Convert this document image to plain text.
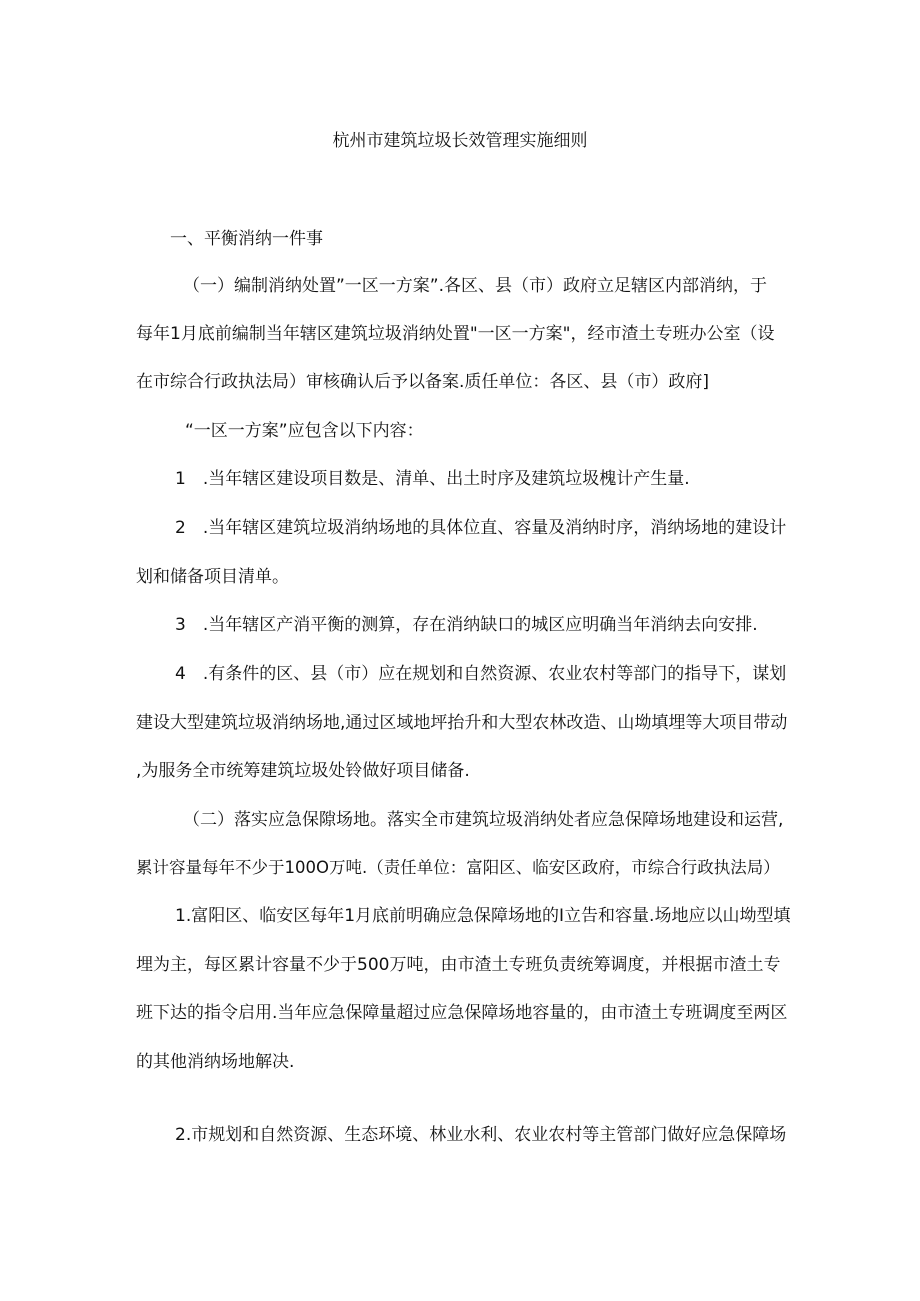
杭州市建筑垃圾长效管理实施细则

一、平衡消纳一件事

（一）编制消纳处置”一区一方案”.各区、县（市）政府立足辖区内部消纳，于

每年1月底前编制当年辖区建筑垃圾消纳处置"一区一方案"，经市渣土专班办公室（设

在市综合行政执法局）审核确认后予以备案.质任单位：各区、县（市）政府]

“一区一方案”应包含以下内容：

1　.当年辖区建设项目数是、清单、出土时序及建筑垃圾槐计产生量.

2　.当年辖区建筑垃圾消纳场地的具体位直、容量及消纳时序，消纳场地的建设计

划和储备项目清单。

3　.当年辖区产消平衡的测算，存在消纳缺口的城区应明确当年消纳去向安排.

4　.有条件的区、县（市）应在规划和自然资源、农业农村等部门的指导下，谋划

建设大型建筑垃圾消纳场地,通过区域地坪抬升和大型农林改造、山坳填埋等大项目带动

,为服务全市统筹建筑垃圾处铃做好项目储备.

（二）落实应急保隙场地。落实全市建筑垃圾消纳处者应急保障场地建设和运营,

累计容量每年不少于100O万吨.（责任单位：富阳区、临安区政府，市综合行政执法局）

1.富阳区、临安区每年1月底前明确应急保障场地的I立告和容量.场地应以山坳型填

埋为主，每区累计容量不少于500万吨，由市渣土专班负责统筹调度，并根据市渣土专

班下达的指令启用.当年应急保障量超过应急保障场地容量的，由市渣土专班调度至两区

的其他消纳场地解决.

2.市规划和自然资源、生态环境、林业水利、农业农村等主管部门做好应急保障场
